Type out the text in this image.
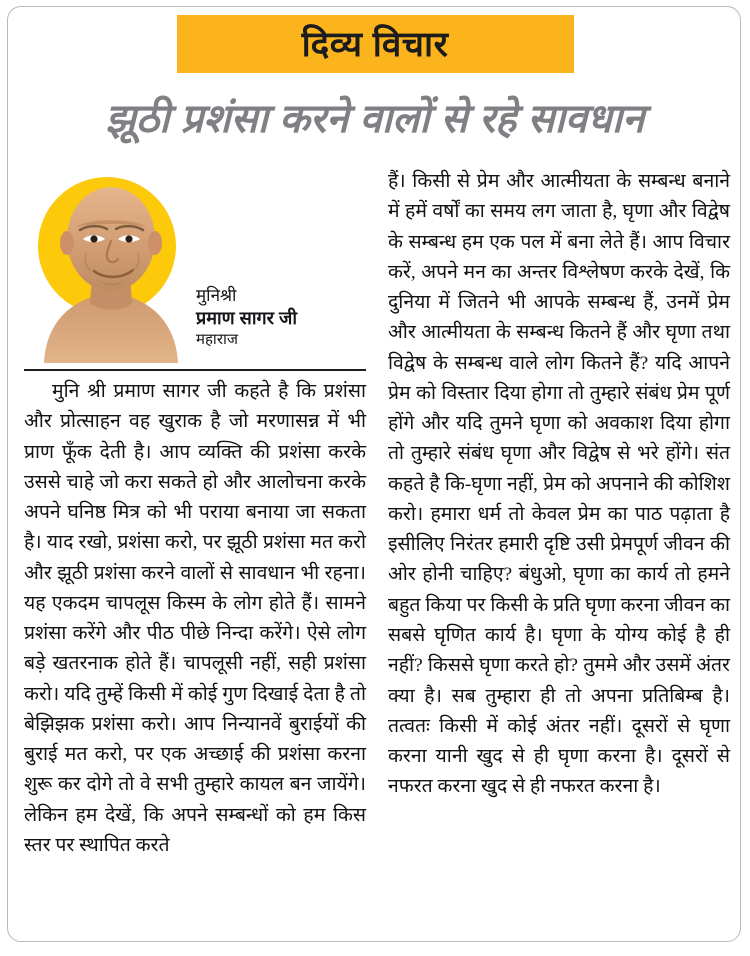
दिव्य विचार
झूठी प्रशंसा करने वालों से रहे सावधान
मुनिश्री
प्रमाण सागर जी
महाराज
मुनि श्री प्रमाण सागर जी कहते है कि प्रशंसा और प्रोत्साहन वह खुराक है जो मरणासन्न में भी प्राण फूँक देती है। आप व्यक्ति की प्रशंसा करके उससे चाहे जो करा सकते हो और आलोचना करके अपने घनिष्ठ मित्र को भी पराया बनाया जा सकता है। याद रखो, प्रशंसा करो, पर झूठी प्रशंसा मत करो और झूठी प्रशंसा करने वालों से सावधान भी रहना। यह एकदम चापलूस किस्म के लोग होते हैं। सामने प्रशंसा करेंगे और पीठ पीछे निन्दा करेंगे। ऐसे लोग बड़े खतरनाक होते हैं। चापलूसी नहीं, सही प्रशंसा करो। यदि तुम्हें किसी में कोई गुण दिखाई देता है तो बेझिझक प्रशंसा करो। आप निन्यानवें बुराईयों की बुराई मत करो, पर एक अच्छाई की प्रशंसा करना शुरू कर दोगे तो वे सभी तुम्हारे कायल बन जायेंगे। लेकिन हम देखें, कि अपने सम्बन्धों को हम किस स्तर पर स्थापित करते
हैं। किसी से प्रेम और आत्मीयता के सम्बन्ध बनाने में हमें वर्षों का समय लग जाता है, घृणा और विद्वेष के सम्बन्ध हम एक पल में बना लेते हैं। आप विचार करें, अपने मन का अन्तर विश्लेषण करके देखें, कि दुनिया में जितने भी आपके सम्बन्ध हैं, उनमें प्रेम और आत्मीयता के सम्बन्ध कितने हैं और घृणा तथा विद्वेष के सम्बन्ध वाले लोग कितने हैं? यदि आपने प्रेम को विस्तार दिया होगा तो तुम्हारे संबंध प्रेम पूर्ण होंगे और यदि तुमने घृणा को अवकाश दिया होगा तो तुम्हारे संबंध घृणा और विद्वेष से भरे होंगे। संत कहते है कि-घृणा नहीं, प्रेम को अपनाने की कोशिश करो। हमारा धर्म तो केवल प्रेम का पाठ पढ़ाता है इसीलिए निरंतर हमारी दृष्टि उसी प्रेमपूर्ण जीवन की ओर होनी चाहिए? बंधुओ, घृणा का कार्य तो हमने बहुत किया पर किसी के प्रति घृणा करना जीवन का सबसे घृणित कार्य है। घृणा के योग्य कोई है ही नहीं? किससे घृणा करते हो? तुममे और उसमें अंतर क्या है। सब तुम्हारा ही तो अपना प्रतिबिम्ब है। तत्वतः किसी में कोई अंतर नहीं। दूसरों से घृणा करना यानी खुद से ही घृणा करना है। दूसरों से नफरत करना खुद से ही नफरत करना है।
